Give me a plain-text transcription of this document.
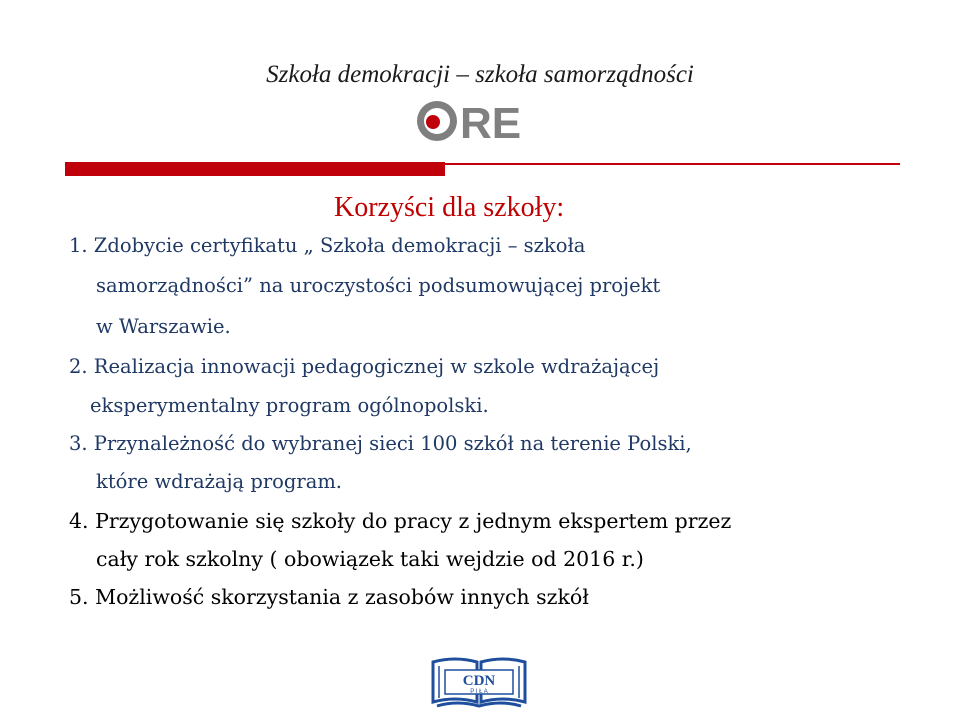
Szkoła demokracji – szkoła samorządności
RE
Korzyści dla szkoły:
1. Zdobycie certyfikatu „ Szkoła demokracji – szkoła
samorządności” na uroczystości podsumowującej projekt
w Warszawie.
2. Realizacja innowacji pedagogicznej w szkole wdrażającej
eksperymentalny program ogólnopolski.
3. Przynależność do wybranej sieci 100 szkół na terenie Polski,
które wdrażają program.
4. Przygotowanie się szkoły do pracy z jednym ekspertem przez
cały rok szkolny ( obowiązek taki wejdzie od 2016 r.)
5. Możliwość skorzystania z zasobów innych szkół
CDN
P I Ł A
